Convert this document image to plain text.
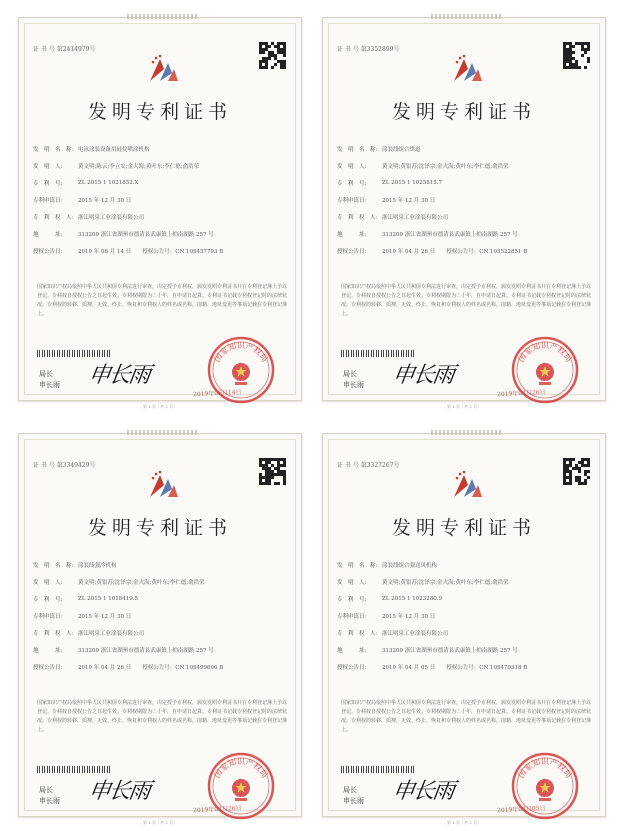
证 书 号 第2414979号
发明专利证书
发　明　名　称： 电泳涂装设备用硅烷喷涂机构
发　明　人：	黄文明;陈云;李立安;金大海;黄叶东;李仁德;俞浩荣
专　利　号：	ZL 2015 1 1021852.X
专利申请日：	2015 年 12 月 30 日
专　利　权　人： 浙江明泉工业涂装有限公司
地　　　址：	313200 浙江省湖州市德清县武康镇上柏南湖路 257 号
授权公告日：	2019 年 06 月 14 日　　授权公告号：CN 105457793 B
国家知识产权局依照中华人民共和国专利法进行审查，决定授予专利权，颁发发明专利证书并在专利登记簿上予以登记。专利权自授权公告之日起生效。专利权期限为二十年，自申请日起算。专利证书记载专利权登记时的法律状况。专利权的转移、质押、无效、终止、恢复和专利权人的姓名或名称、国籍、地址变更等事项记载在专利登记簿上。
局长
申长雨 申长雨
国家知识产权局
2019年06月14日
第 1 页（共 2 页）
证 书 号 第3352899号
发明专利证书
发　明　名　称： 涂装线组合烘道
发　明　人：	黄文明;黄银苏;沈泽宗;金大海;黄叶东;李仁德;俞浩荣
专　利　号：	ZL 2015 1 1025815.7
专利申请日：	2015 年 12 月 30 日
专　利　权　人： 浙江明泉工业涂装有限公司
地　　　址：	313200 浙江省湖州市德清县武康镇上柏南湖路 257 号
授权公告日：	2019 年 04 月 26 日　　授权公告号：CN 105522851 B
国家知识产权局依照中华人民共和国专利法进行审查，决定授予专利权，颁发发明专利证书并在专利登记簿上予以登记。专利权自授权公告之日起生效。专利权期限为二十年，自申请日起算。专利证书记载专利权登记时的法律状况。专利权的转移、质押、无效、终止、恢复和专利权人的姓名或名称、国籍、地址变更等事项记载在专利登记簿上。
局长
申长雨 申长雨
国家知识产权局
2019年04月26日
第 1 页（共 2 页）
证 书 号 第3349429号
发明专利证书
发　明　名　称： 涂装线强冷机构
发　明　人：	黄文明;黄银苏;沈泽宗;金大海;黄叶东;李仁德;俞浩荣
专　利　号：	ZL 2015 1 1018419.5
专利申请日：	2015 年 12 月 30 日
专　利　权　人： 浙江明泉工业涂装有限公司
地　　　址：	313200 浙江省湖州市德清县武康镇上柏南湖路 257 号
授权公告日：	2019 年 04 月 26 日　　授权公告号：CN 105499696 B
国家知识产权局依照中华人民共和国专利法进行审查，决定授予专利权，颁发发明专利证书并在专利登记簿上予以登记。专利权自授权公告之日起生效。专利权期限为二十年，自申请日起算。专利证书记载专利权登记时的法律状况。专利权的转移、质押、无效、终止、恢复和专利权人的姓名或名称、国籍、地址变更等事项记载在专利登记簿上。
局长
申长雨 申长雨
国家知识产权局
2019年04月26日
第 1 页（共 2 页）
证 书 号 第3327267号
发明专利证书
发　明　名　称： 涂装线组合强送风机构
发　明　人：	黄文明;黄银苏;沈泽宗;金大海;黄叶东;李仁德;俞浩荣
专　利　号：	ZL 2015 1 1023280.9
专利申请日：	2015 年 12 月 30 日
专　利　权　人： 浙江明泉工业涂装有限公司
地　　　址：	313200 浙江省湖州市德清县武康镇上柏南湖路 257 号
授权公告日：	2019 年 04 月 05 日　　授权公告号：CN 105479318 B
国家知识产权局依照中华人民共和国专利法进行审查，决定授予专利权，颁发发明专利证书并在专利登记簿上予以登记。专利权自授权公告之日起生效。专利权期限为二十年，自申请日起算。专利证书记载专利权登记时的法律状况。专利权的转移、质押、无效、终止、恢复和专利权人的姓名或名称、国籍、地址变更等事项记载在专利登记簿上。
局长
申长雨 申长雨
国家知识产权局
2019年04月05日
第 1 页（共 2 页）
